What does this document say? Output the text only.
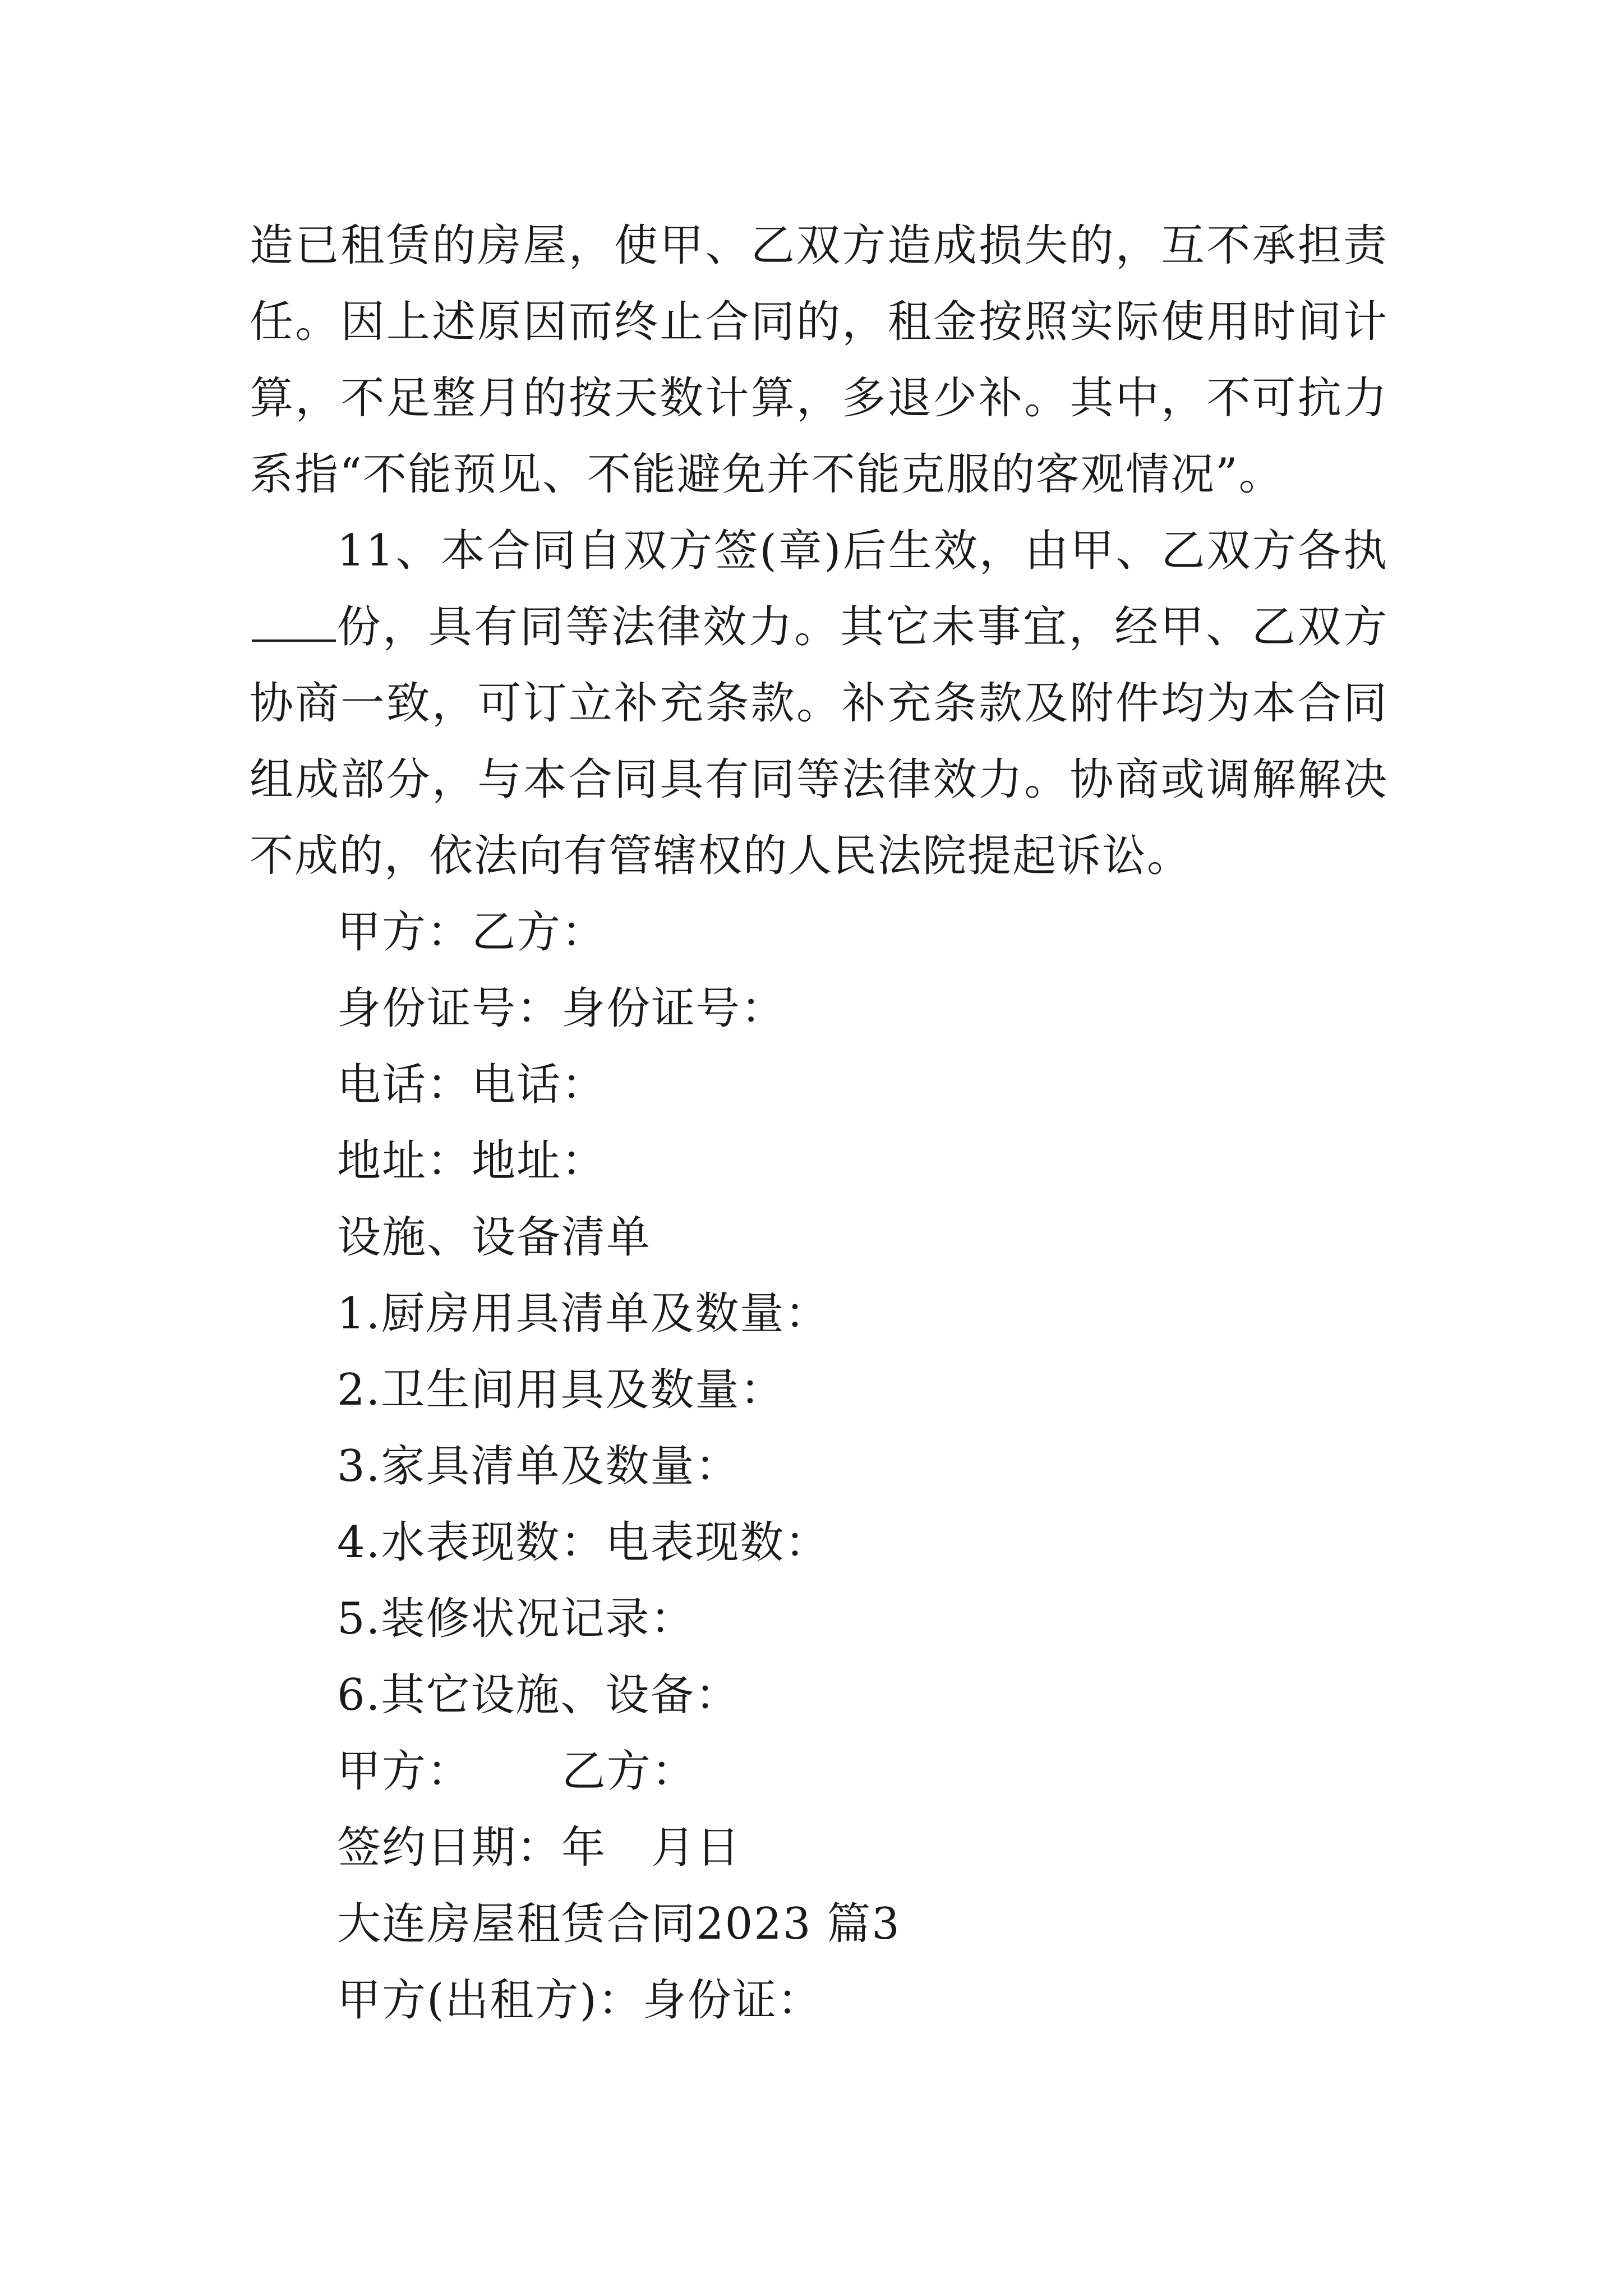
造已租赁的房屋，使甲、乙双方造成损失的，互不承担责任。因上述原因而终止合同的，租金按照实际使用时间计算，不足整月的按天数计算，多退少补。其中，不可抗力系指“不能预见、不能避免并不能克服的客观情况”。

11、本合同自双方签(章)后生效，由甲、乙双方各执份，具有同等法律效力。其它未事宜，经甲、乙双方协商一致，可订立补充条款。补充条款及附件均为本合同组成部分，与本合同具有同等法律效力。协商或调解解决不成的，依法向有管辖权的人民法院提起诉讼。

甲方：乙方：

身份证号：身份证号：

电话：电话：

地址：地址：

设施、设备清单

1.厨房用具清单及数量：

2.卫生间用具及数量：

3.家具清单及数量：

4.水表现数：电表现数：

5.装修状况记录：

6.其它设施、设备：

甲方：      乙方：

签约日期：年   月日

大连房屋租赁合同2023 篇3

甲方(出租方)：身份证：
